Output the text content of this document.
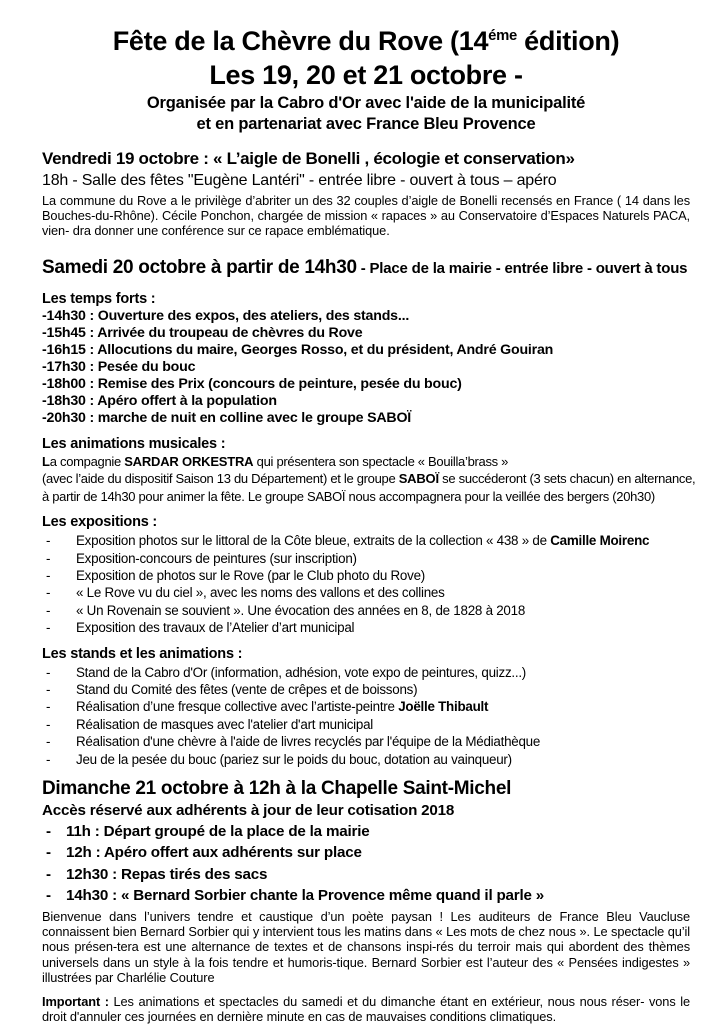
Fête de la Chèvre du Rove ($14^{éme}$ édition)
Les 19, 20 et 21 octobre -
Organisée par la Cabro d'Or avec l'aide de la municipalité
et en partenariat avec France Bleu Provence
Vendredi 19 octobre : « L’aigle de Bonelli , écologie et conservation»
18h - Salle des fêtes "Eugène Lantéri" - entrée libre - ouvert à tous – apéro
La commune du Rove a le privilège d’abriter un des 32 couples d’aigle de Bonelli recensés en France ( 14 dans les Bouches-du-Rhône). Cécile Ponchon, chargée de mission « rapaces » au Conservatoire d’Espaces Naturels PACA, vien- dra donner une conférence sur ce rapace emblématique.
Samedi 20 octobre à partir de 14h30 - Place de la mairie - entrée libre - ouvert à tous
Les temps forts :
-14h30 : Ouverture des expos, des ateliers, des stands...
-15h45 : Arrivée du troupeau de chèvres du Rove
-16h15 : Allocutions du maire, Georges Rosso, et du président, André Gouiran
-17h30 : Pesée du bouc
-18h00 : Remise des Prix (concours de peinture, pesée du bouc)
-18h30 : Apéro offert à la population
-20h30 : marche de nuit en colline avec le groupe SABOÏ
Les animations musicales :
La compagnie SARDAR ORKESTRA qui présentera son spectacle « Bouilla’brass »
(avec l’aide du dispositif Saison 13 du Département) et le groupe SABOÏ se succéderont (3 sets chacun) en alternance,
à partir de 14h30 pour animer la fête. Le groupe SABOÏ nous accompagnera pour la veillée des bergers (20h30)
Les expositions :
-	Exposition photos sur le littoral de la Côte bleue, extraits de la collection « 438 » de Camille Moirenc
-	Exposition-concours de peintures (sur inscription)
-	Exposition de photos sur le Rove (par le Club photo du Rove)
-	« Le Rove vu du ciel », avec les noms des vallons et des collines
-	« Un Rovenain se souvient ». Une évocation des années en 8, de 1828 à 2018
-	Exposition des travaux de l’Atelier d’art municipal
Les stands et les animations :
-	Stand de la Cabro d'Or (information, adhésion, vote expo de peintures, quizz...)
-	Stand du Comité des fêtes (vente de crêpes et de boissons)
-	Réalisation d’une fresque collective avec l’artiste-peintre Joëlle Thibault
-	Réalisation de masques avec l'atelier d'art municipal
-	Réalisation d'une chèvre à l'aide de livres recyclés par l'équipe de la Médiathèque
-	Jeu de la pesée du bouc (pariez sur le poids du bouc, dotation au vainqueur)
Dimanche 21 octobre à 12h à la Chapelle Saint-Michel
Accès réservé aux adhérents à jour de leur cotisation 2018
- 11h : Départ groupé de la place de la mairie
- 12h : Apéro offert aux adhérents sur place
- 12h30 : Repas tirés des sacs
- 14h30 : « Bernard Sorbier chante la Provence même quand il parle »
Bienvenue dans l’univers tendre et caustique d’un poète paysan ! Les auditeurs de France Bleu Vaucluse connaissent bien Bernard Sorbier qui y intervient tous les matins dans « Les mots de chez nous ». Le spectacle qu’il nous présen-tera est une alternance de textes et de chansons inspi-rés du terroir mais qui abordent des thèmes universels dans un style à la fois tendre et humoris-tique. Bernard Sorbier est l’auteur des « Pensées indigestes » illustrées par Charlélie Couture
Important : Les animations et spectacles du samedi et du dimanche étant en extérieur, nous nous réser- vons le droit d'annuler ces journées en dernière minute en cas de mauvaises conditions climatiques.
